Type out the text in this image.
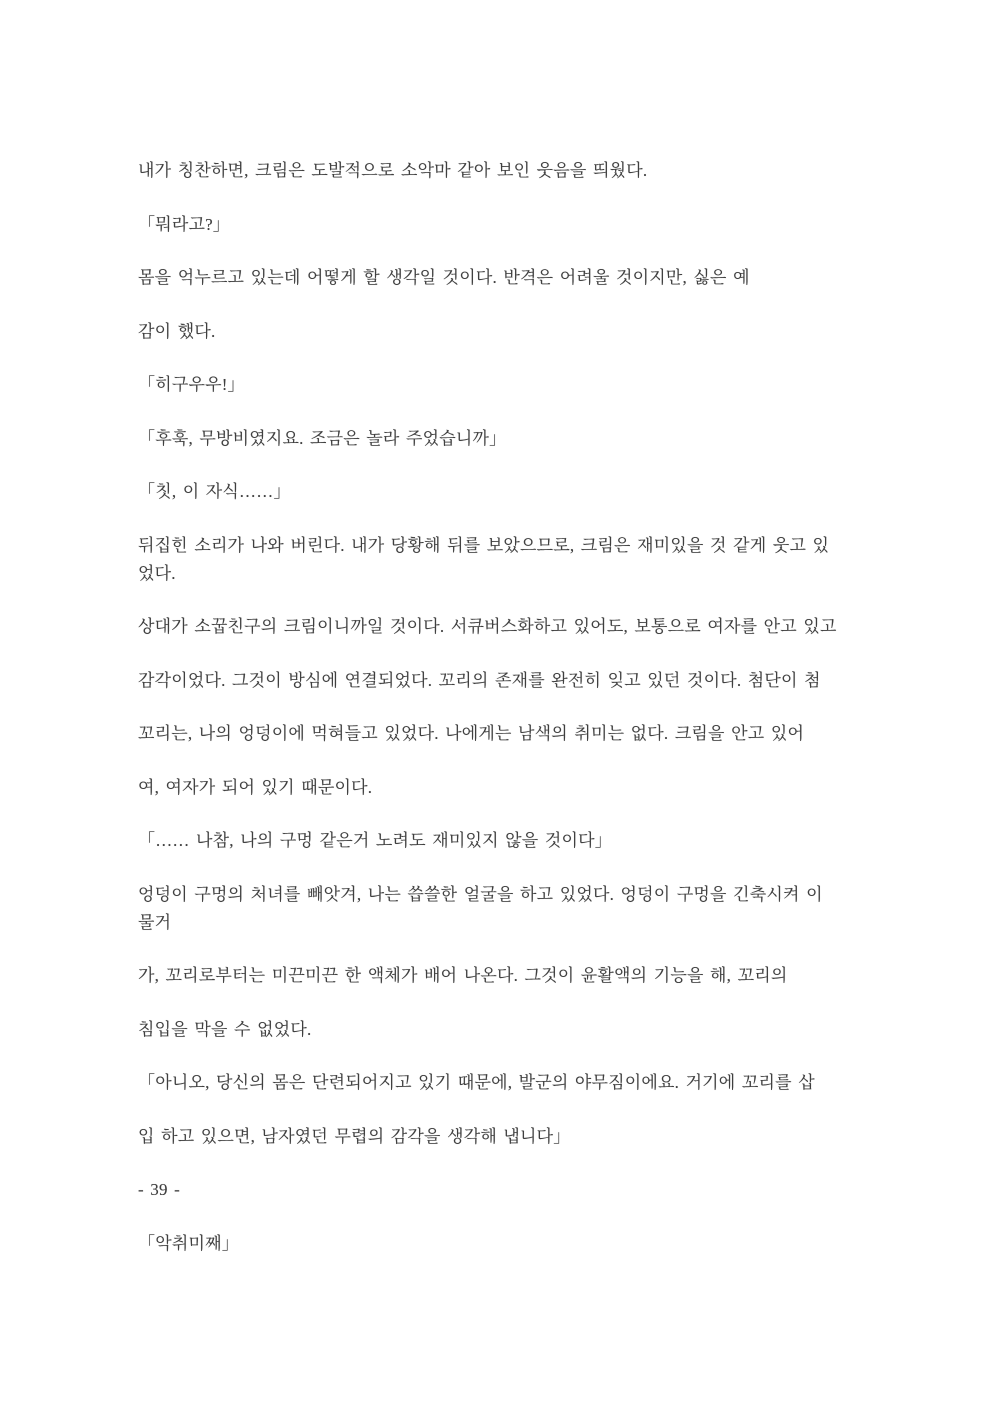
내가 칭찬하면, 크림은 도발적으로 소악마 같아 보인 웃음을 띄웠다.

「뭐라고?」

몸을 억누르고 있는데 어떻게 할 생각일 것이다. 반격은 어려울 것이지만, 싫은 예

감이 했다.

「히구우우!」

「후훅, 무방비였지요. 조금은 놀라 주었습니까」

「칫, 이 자식……」

뒤집힌 소리가 나와 버린다. 내가 당황해 뒤를 보았으므로, 크림은 재미있을 것 같게 웃고 있
었다.

상대가 소꿉친구의 크림이니까일 것이다. 서큐버스화하고 있어도, 보통으로 여자를 안고 있고

감각이었다. 그것이 방심에 연결되었다. 꼬리의 존재를 완전히 잊고 있던 것이다. 첨단이 첨

꼬리는, 나의 엉덩이에 먹혀들고 있었다. 나에게는 남색의 취미는 없다. 크림을 안고 있어

여, 여자가 되어 있기 때문이다.

「…… 나참, 나의 구멍 같은거 노려도 재미있지 않을 것이다」

엉덩이 구멍의 처녀를 빼앗겨, 나는 씁쓸한 얼굴을 하고 있었다. 엉덩이 구멍을 긴축시켜 이
물거

가, 꼬리로부터는 미끈미끈 한 액체가 배어 나온다. 그것이 윤활액의 기능을 해, 꼬리의

침입을 막을 수 없었다.

「아니오, 당신의 몸은 단련되어지고 있기 때문에, 발군의 야무짐이에요. 거기에 꼬리를 삽

입 하고 있으면, 남자였던 무렵의 감각을 생각해 냅니다」

- 39 -

「악취미째」
